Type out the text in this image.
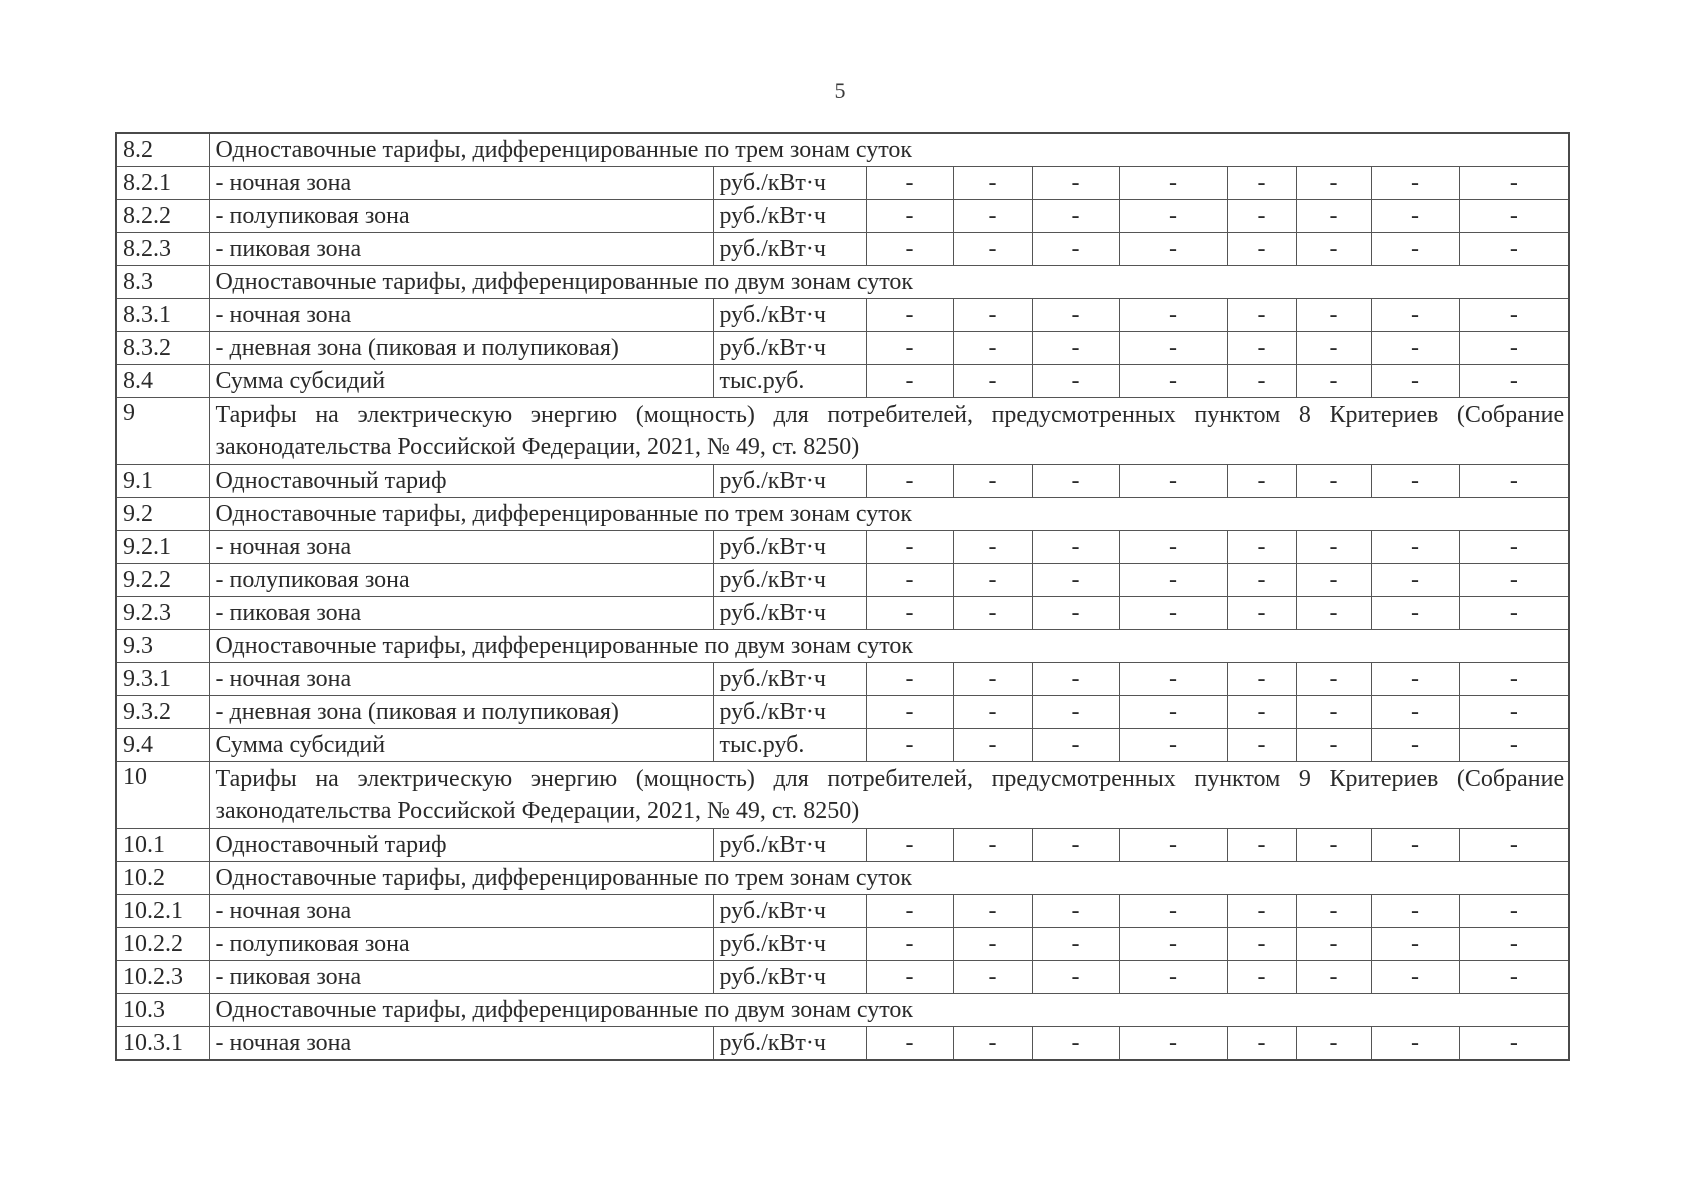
5
8.2	Одноставочные тарифы, дифференцированные по трем зонам суток									
8.2.1	- ночная зона	руб./кВт·ч	-	-	-	-	-	-	-	-
8.2.2	- полупиковая зона	руб./кВт·ч	-	-	-	-	-	-	-	-
8.2.3	- пиковая зона	руб./кВт·ч	-	-	-	-	-	-	-	-
8.3	Одноставочные тарифы, дифференцированные по двум зонам суток									
8.3.1	- ночная зона	руб./кВт·ч	-	-	-	-	-	-	-	-
8.3.2	- дневная зона (пиковая и полупиковая)	руб./кВт·ч	-	-	-	-	-	-	-	-
8.4	Сумма субсидий	тыс.руб.	-	-	-	-	-	-	-	-
9	Тарифы на электрическую энергию (мощность) для потребителей, предусмотренных пунктом 8 Критериев (Собрание законодательства Российской Федерации, 2021, № 49, ст. 8250)									
9.1	Одноставочный тариф	руб./кВт·ч	-	-	-	-	-	-	-	-
9.2	Одноставочные тарифы, дифференцированные по трем зонам суток									
9.2.1	- ночная зона	руб./кВт·ч	-	-	-	-	-	-	-	-
9.2.2	- полупиковая зона	руб./кВт·ч	-	-	-	-	-	-	-	-
9.2.3	- пиковая зона	руб./кВт·ч	-	-	-	-	-	-	-	-
9.3	Одноставочные тарифы, дифференцированные по двум зонам суток									
9.3.1	- ночная зона	руб./кВт·ч	-	-	-	-	-	-	-	-
9.3.2	- дневная зона (пиковая и полупиковая)	руб./кВт·ч	-	-	-	-	-	-	-	-
9.4	Сумма субсидий	тыс.руб.	-	-	-	-	-	-	-	-
10	Тарифы на электрическую энергию (мощность) для потребителей, предусмотренных пунктом 9 Критериев (Собрание законодательства Российской Федерации, 2021, № 49, ст. 8250)									
10.1	Одноставочный тариф	руб./кВт·ч	-	-	-	-	-	-	-	-
10.2	Одноставочные тарифы, дифференцированные по трем зонам суток									
10.2.1	- ночная зона	руб./кВт·ч	-	-	-	-	-	-	-	-
10.2.2	- полупиковая зона	руб./кВт·ч	-	-	-	-	-	-	-	-
10.2.3	- пиковая зона	руб./кВт·ч	-	-	-	-	-	-	-	-
10.3	Одноставочные тарифы, дифференцированные по двум зонам суток									
10.3.1	- ночная зона	руб./кВт·ч	-	-	-	-	-	-	-	-
